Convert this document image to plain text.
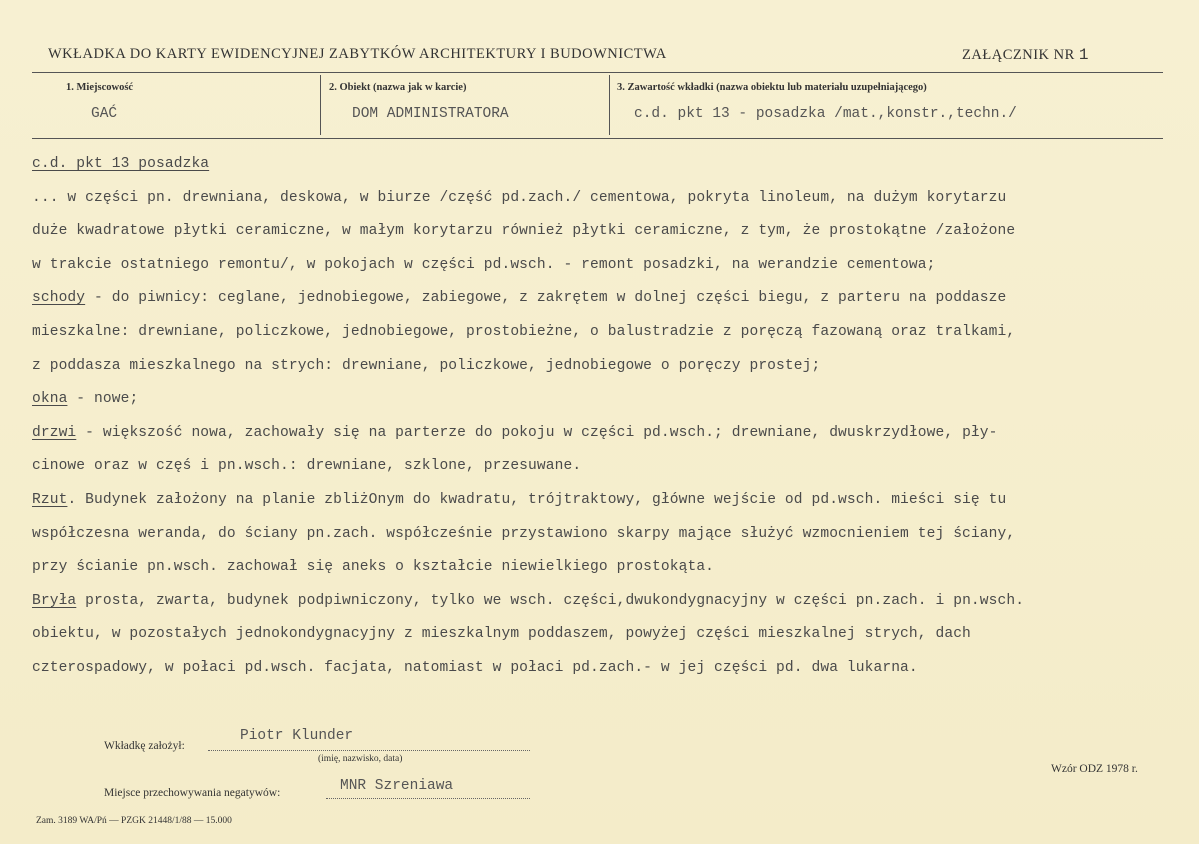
WKŁADKA DO KARTY EWIDENCYJNEJ ZABYTKÓW ARCHITEKTURY I BUDOWNICTWA	ZAŁĄCZNIK NR 1
1. Miejscowość
GAĆ
2. Obiekt (nazwa jak w karcie)
DOM ADMINISTRATORA
3. Zawartość wkładki (nazwa obiektu lub materiału uzupełniającego)
c.d. pkt 13 - posadzka /mat.,konstr.,techn./
c.d. pkt 13 posadzka
... w części pn. drewniana, deskowa, w biurze /część pd.zach./ cementowa, pokryta linoleum, na dużym korytarzu
duże kwadratowe płytki ceramiczne, w małym korytarzu również płytki ceramiczne, z tym, że prostokątne /założone
w trakcie ostatniego remontu/, w pokojach w części pd.wsch. - remont posadzki, na werandzie cementowa;
schody - do piwnicy: ceglane, jednobiegowe, zabiegowe, z zakrętem w dolnej części biegu, z parteru na poddasze
mieszkalne: drewniane, policzkowe, jednobiegowe, prostobieżne, o balustradzie z poręczą fazowaną oraz tralkami,
z poddasza mieszkalnego na strych: drewniane, policzkowe, jednobiegowe o poręczy prostej;
okna - nowe;
drzwi - większość nowa, zachowały się na parterze do pokoju w części pd.wsch.; drewniane, dwuskrzydłowe, pły-
cinowe oraz w częś i pn.wsch.: drewniane, szklone, przesuwane.
Rzut. Budynek założony na planie zbliżOnym do kwadratu, trójtraktowy, główne wejście od pd.wsch. mieści się tu
współczesna weranda, do ściany pn.zach. współcześnie przystawiono skarpy mające służyć wzmocnieniem tej ściany,
przy ścianie pn.wsch. zachował się aneks o kształcie niewielkiego prostokąta.
Bryła prosta, zwarta, budynek podpiwniczony, tylko we wsch. części,dwukondygnacyjny w części pn.zach. i pn.wsch.
obiektu, w pozostałych jednokondygnacyjny z mieszkalnym poddaszem, powyżej części mieszkalnej strych, dach
czterospadowy, w połaci pd.wsch. facjata, natomiast w połaci pd.zach.- w jej części pd. dwa lukarna.
Wkładkę założył:
Piotr Klunder
(imię, nazwisko, data)
Miejsce przechowywania negatywów:	MNR Szreniawa
Wzór ODZ 1978 r.
Zam. 3189 WA/Pń — PZGK 21448/1/88 — 15.000
